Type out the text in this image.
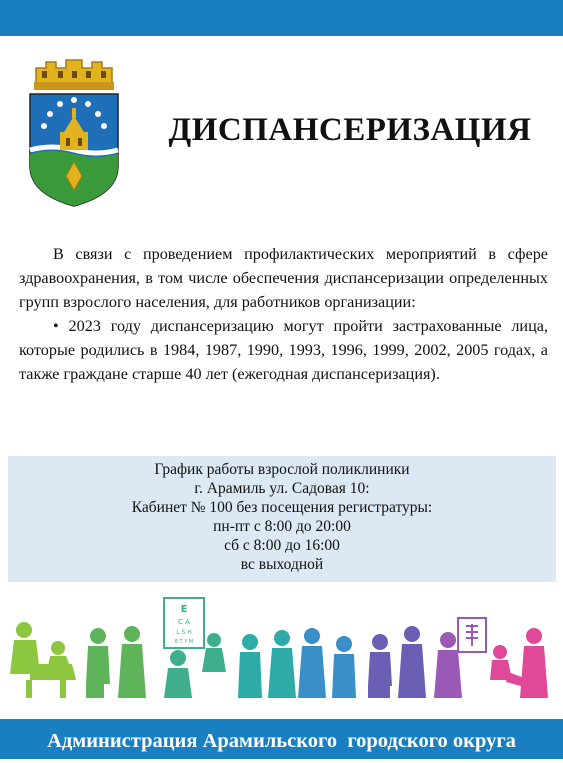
ДИСПАНСЕРИЗАЦИЯ

В связи с проведением профилактических мероприятий в сфере здравоохранения, в том числе обеспечения диспансеризации определенных групп взрослого населения, для работников организации:

• 2023 году диспансеризацию могут пройти застрахованные лица, которые родились в 1984, 1987, 1990, 1993, 1996, 1999, 2002, 2005 годах, а также граждане старше 40 лет (ежегодная диспансеризация).

График работы взрослой поликлиники
г. Арамиль ул. Садовая 10:
Кабинет № 100 без посещения регистратуры:
пн-пт с 8:00 до 20:00
сб с 8:00 до 16:00
вс выходной
E
C A
L S H
E T Y M
Администрация Арамильского  городского округа
